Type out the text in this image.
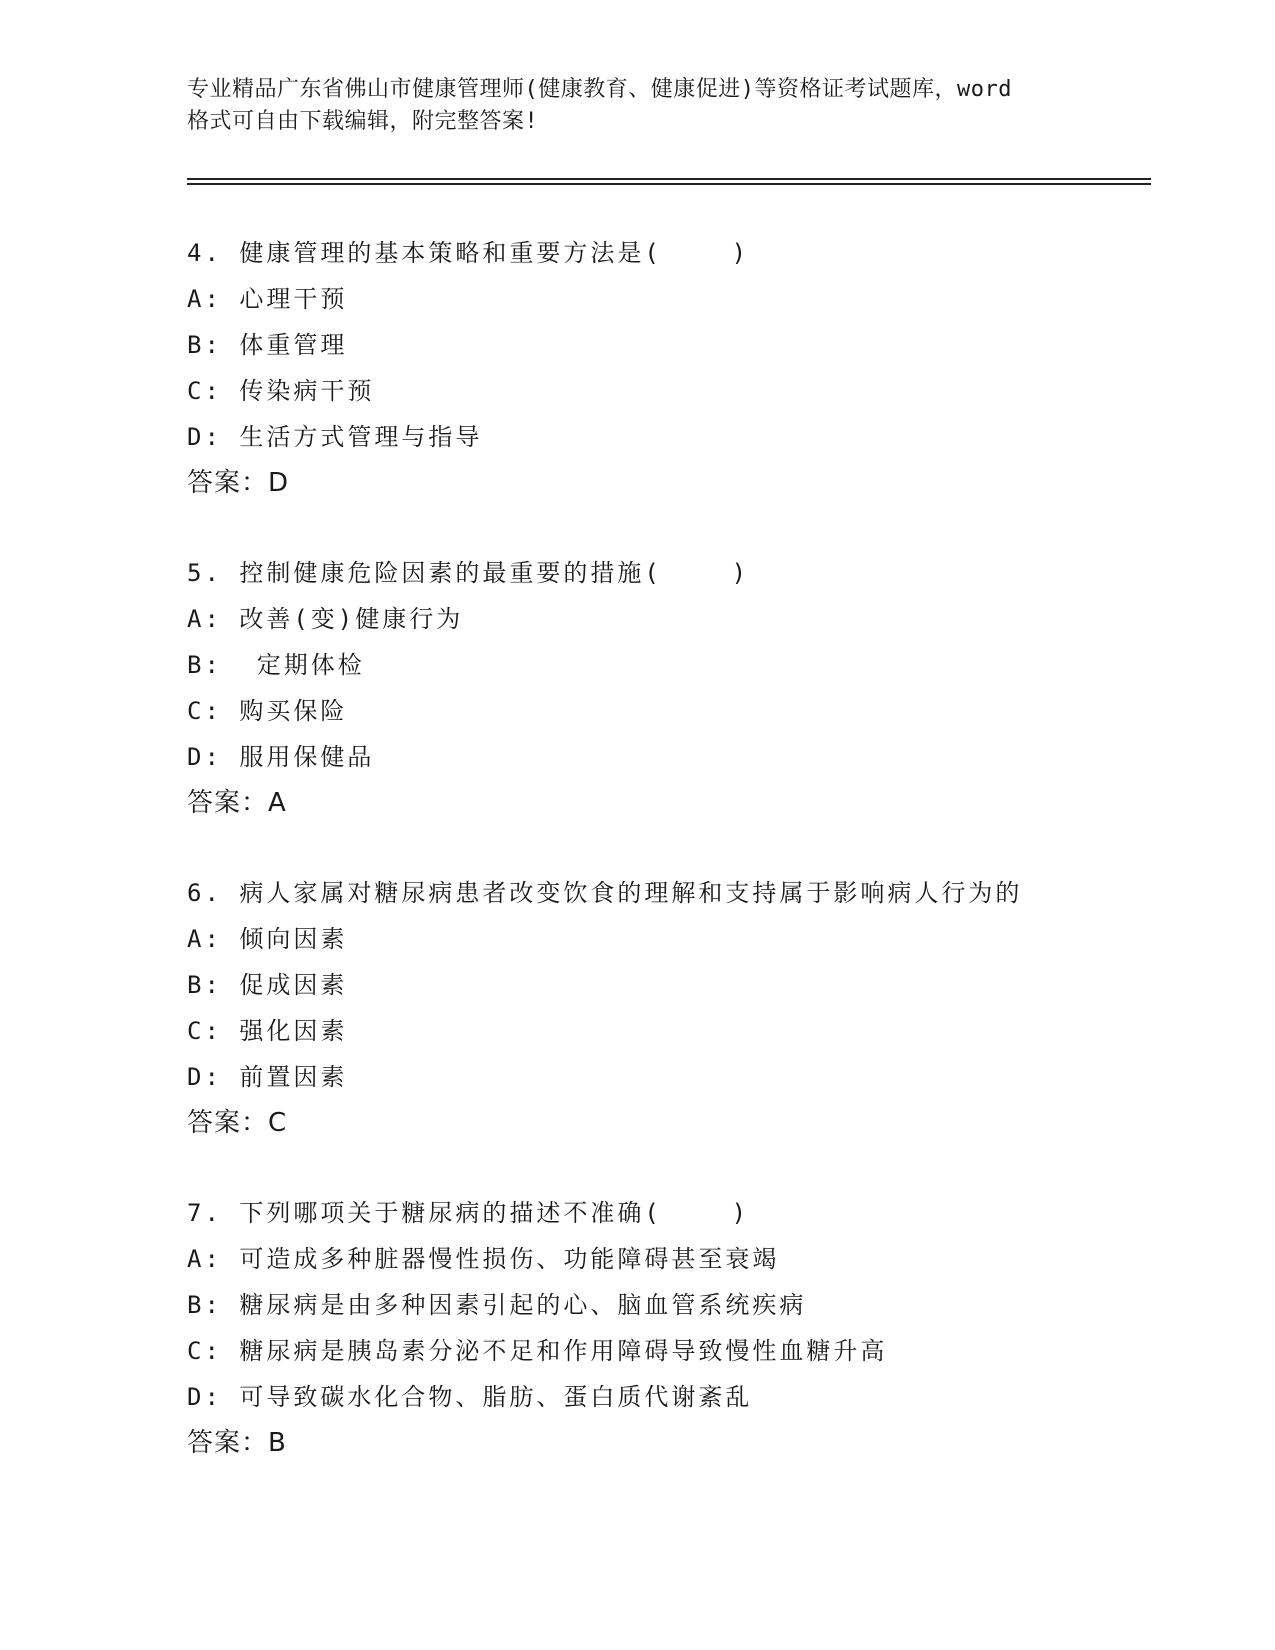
专业精品广东省佛山市健康管理师(健康教育、健康促进)等资格证考试题库，word
格式可自由下载编辑，附完整答案!
4. 健康管理的基本策略和重要方法是(    )
A: 心理干预
B: 体重管理
C: 传染病干预
D: 生活方式管理与指导
答案：D
5. 控制健康危险因素的最重要的措施(    )
A: 改善(变)健康行为
B:  定期体检
C: 购买保险
D: 服用保健品
答案：A
6. 病人家属对糖尿病患者改变饮食的理解和支持属于影响病人行为的
A: 倾向因素
B: 促成因素
C: 强化因素
D: 前置因素
答案：C
7. 下列哪项关于糖尿病的描述不准确(    )
A: 可造成多种脏器慢性损伤、功能障碍甚至衰竭
B: 糖尿病是由多种因素引起的心、脑血管系统疾病
C: 糖尿病是胰岛素分泌不足和作用障碍导致慢性血糖升高
D: 可导致碳水化合物、脂肪、蛋白质代谢紊乱
答案：B
